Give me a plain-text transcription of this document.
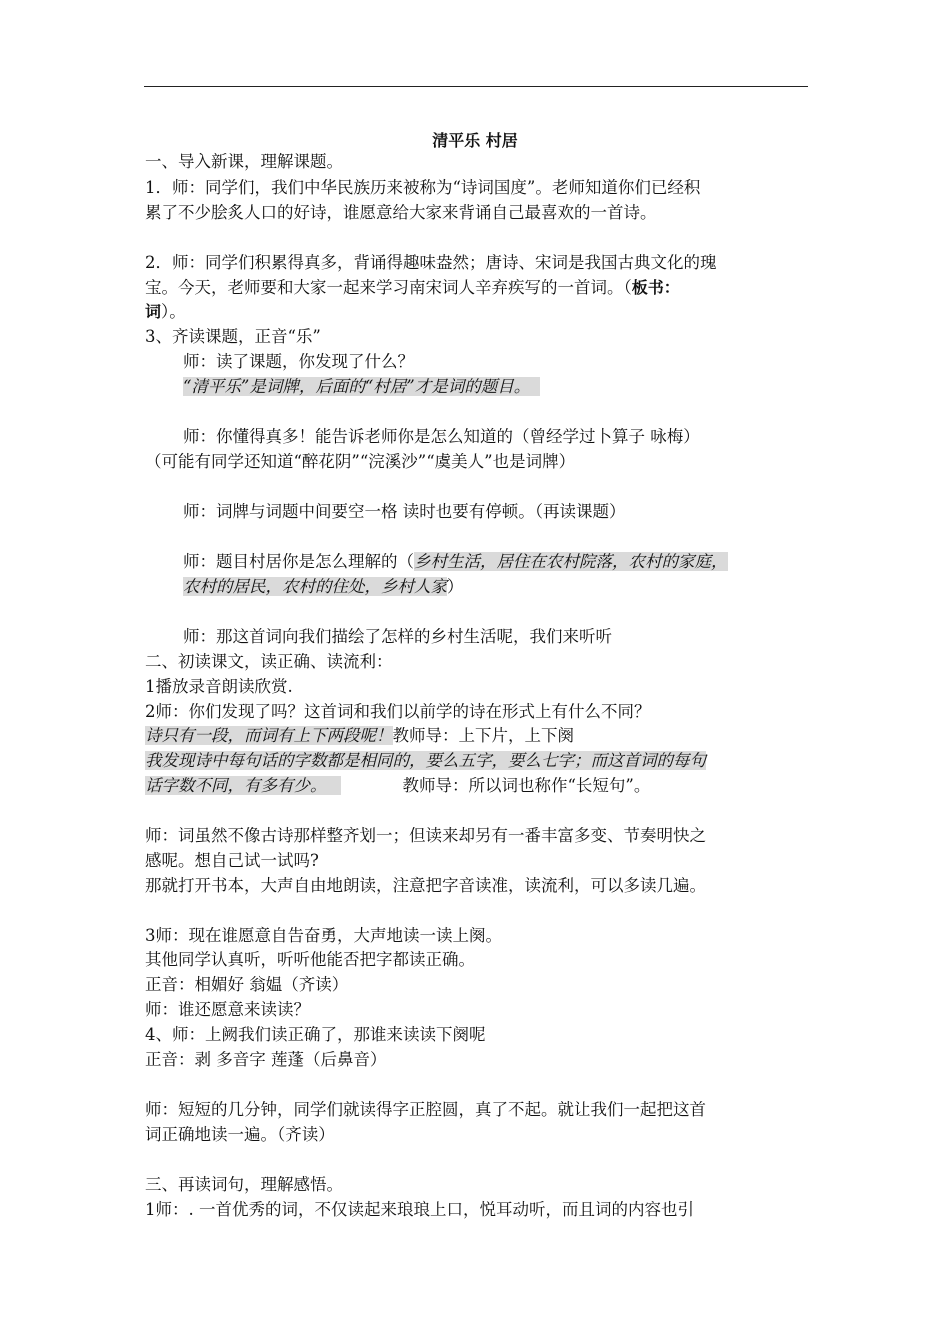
清平乐 村居
一、导入新课，理解课题。
1．师：同学们，我们中华民族历来被称为“诗词国度”。老师知道你们已经积
累了不少脍炙人口的好诗，谁愿意给大家来背诵自己最喜欢的一首诗。
2．师：同学们积累得真多，背诵得趣味盎然；唐诗、宋词是我国古典文化的瑰
宝。今天，老师要和大家一起来学习南宋词人辛弃疾写的一首词。（板书：
词）。
3、齐读课题，正音“乐”
师：读了课题，你发现了什么？
“清平乐”是词牌，后面的“村居”才是词的题目。
师：你懂得真多！能告诉老师你是怎么知道的（曾经学过卜算子 咏梅）
（可能有同学还知道“醉花阴”“浣溪沙”“虞美人”也是词牌）
师：词牌与词题中间要空一格 读时也要有停顿。（再读课题）
师：题目村居你是怎么理解的（乡村生活，居住在农村院落，农村的家庭，
农村的居民，农村的住处，乡村人家）
师：那这首词向我们描绘了怎样的乡村生活呢，我们来听听
二、初读课文，读正确、读流利：
1播放录音朗读欣赏.
2师：你们发现了吗？这首词和我们以前学的诗在形式上有什么不同？
诗只有一段，而词有上下两段呢！教师导：上下片，上下阕
我发现诗中每句话的字数都是相同的，要么五字，要么七字；而这首词的每句
话字数不同，有多有少。	教师导：所以词也称作“长短句”。
师：词虽然不像古诗那样整齐划一；但读来却另有一番丰富多变、节奏明快之
感呢。想自己试一试吗?
那就打开书本，大声自由地朗读，注意把字音读准，读流利，可以多读几遍。
3师：现在谁愿意自告奋勇，大声地读一读上阕。
其他同学认真听，听听他能否把字都读正确。
正音：相媚好 翁媪（齐读）
师：谁还愿意来读读？
4、师：上阙我们读正确了，那谁来读读下阕呢
正音：剥 多音字 莲蓬（后鼻音）
师：短短的几分钟，同学们就读得字正腔圆，真了不起。就让我们一起把这首
词正确地读一遍。（齐读）
三、再读词句，理解感悟。
1师：. 一首优秀的词，不仅读起来琅琅上口，悦耳动听，而且词的内容也引
